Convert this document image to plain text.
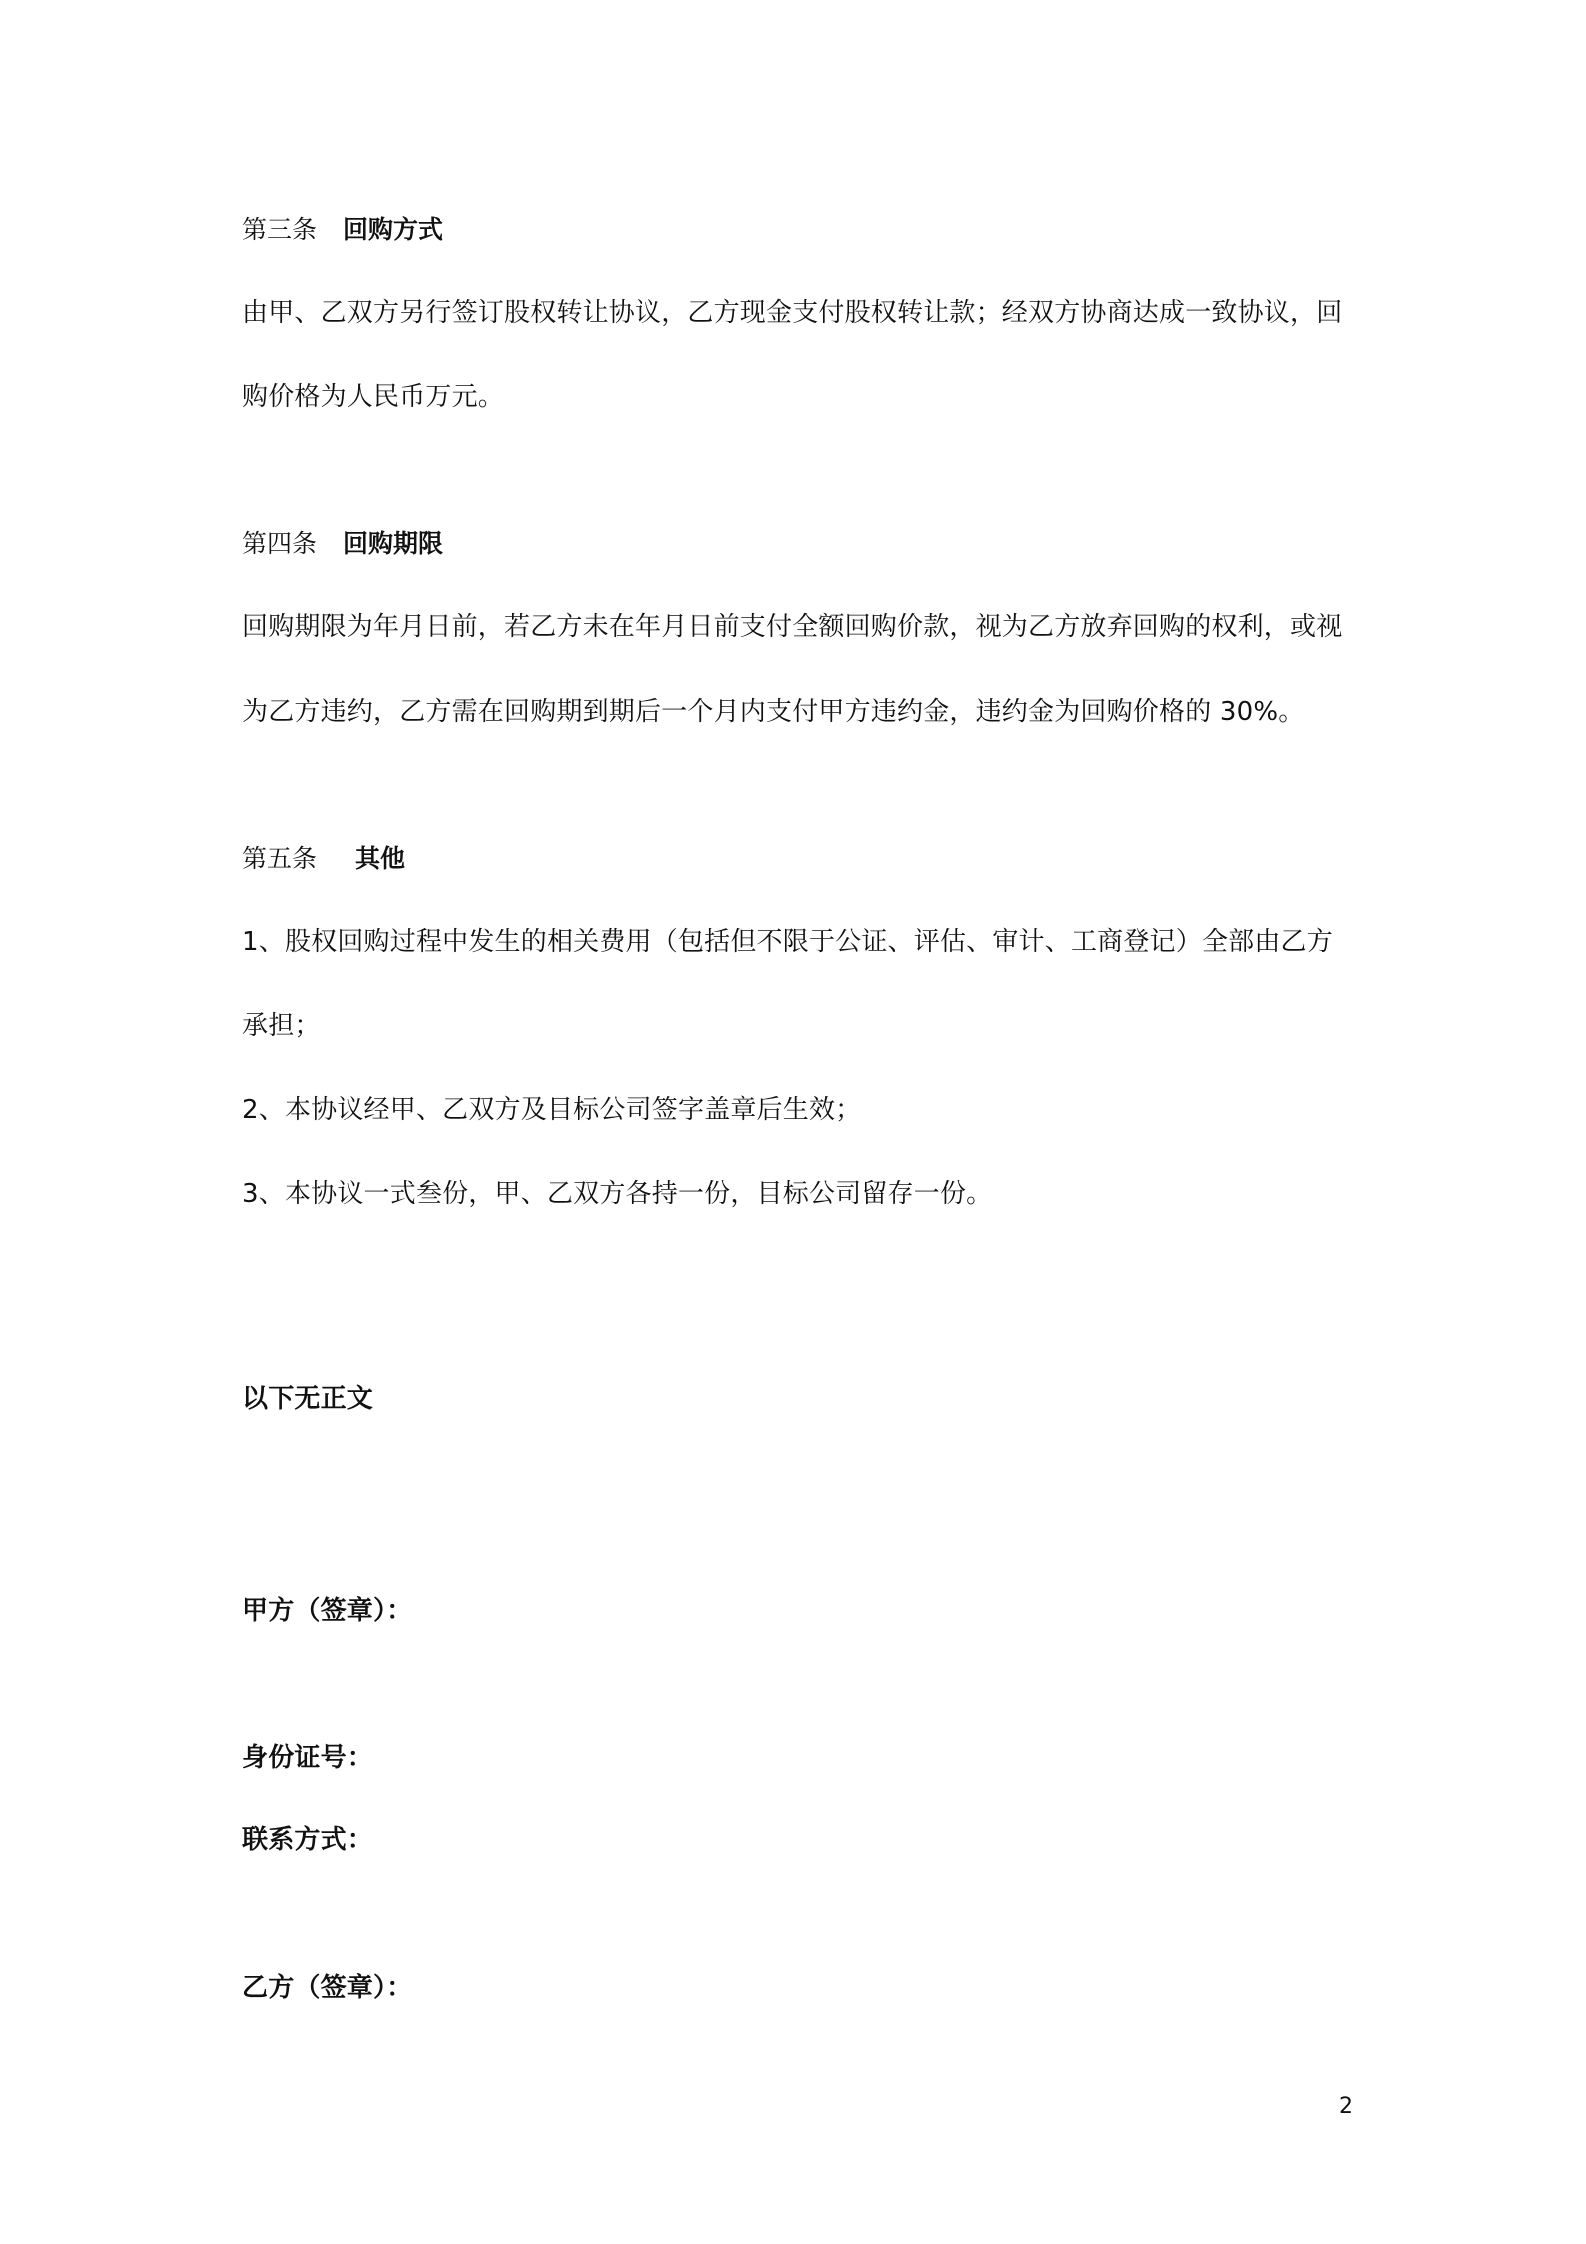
第三条 回购方式
由甲、乙双方另行签订股权转让协议，乙方现金支付股权转让款；经双方协商达成一致协议，回
购价格为人民币万元。
第四条 回购期限
回购期限为年月日前，若乙方未在年月日前支付全额回购价款，视为乙方放弃回购的权利，或视
为乙方违约，乙方需在回购期到期后一个月内支付甲方违约金，违约金为回购价格的 30%。
第五条 其他
1、股权回购过程中发生的相关费用（包括但不限于公证、评估、审计、工商登记）全部由乙方
承担；
2、本协议经甲、乙双方及目标公司签字盖章后生效；
3、本协议一式叁份，甲、乙双方各持一份，目标公司留存一份。
以下无正文
甲方（签章）：
身份证号：
联系方式：
乙方（签章）：
2
